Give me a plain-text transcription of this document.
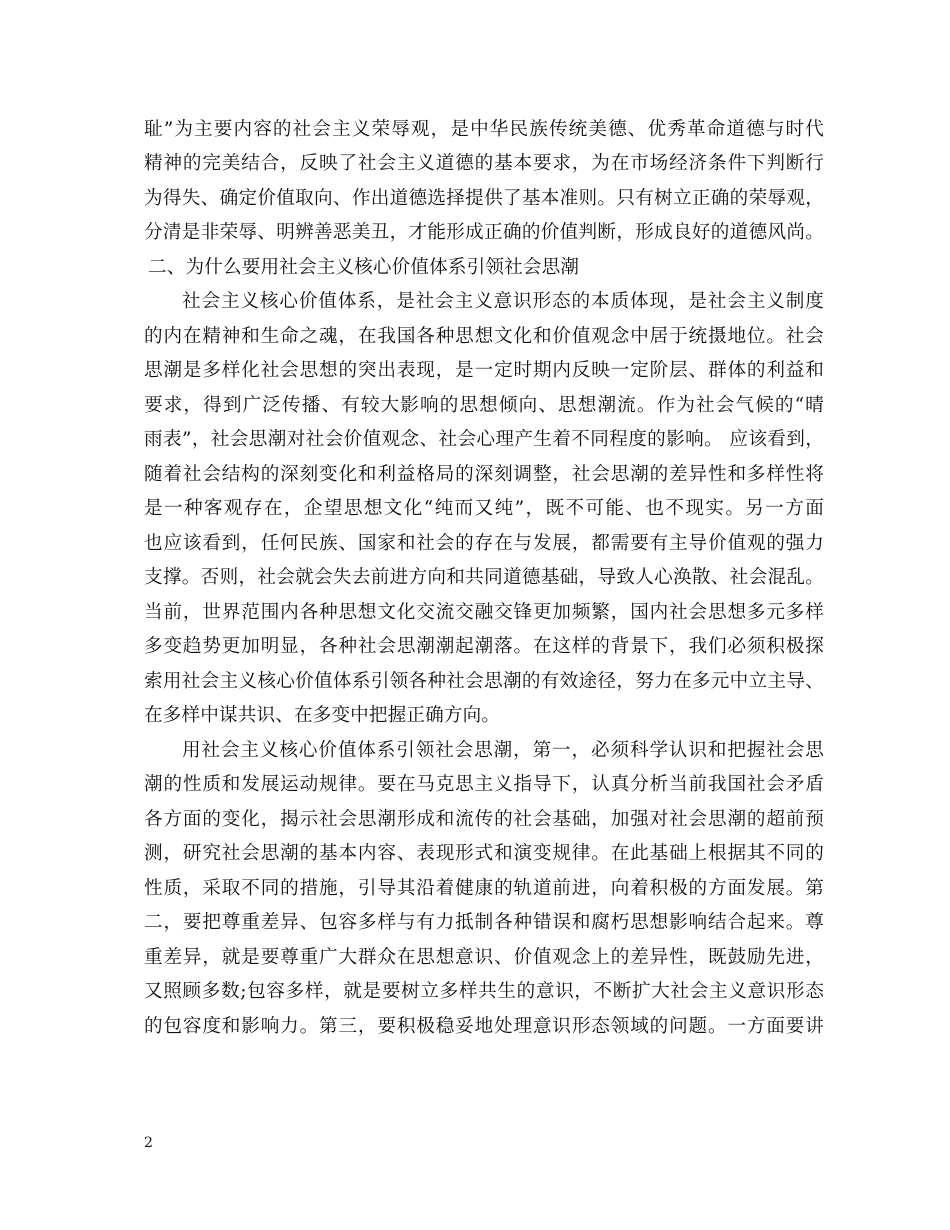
耻”为主要内容的社会主义荣辱观，是中华民族传统美德、优秀革命道德与时代
精神的完美结合，反映了社会主义道德的基本要求，为在市场经济条件下判断行
为得失、确定价值取向、作出道德选择提供了基本准则。只有树立正确的荣辱观，
分清是非荣辱、明辨善恶美丑，才能形成正确的价值判断，形成良好的道德风尚。
二、为什么要用社会主义核心价值体系引领社会思潮
社会主义核心价值体系，是社会主义意识形态的本质体现，是社会主义制度
的内在精神和生命之魂，在我国各种思想文化和价值观念中居于统摄地位。社会
思潮是多样化社会思想的突出表现，是一定时期内反映一定阶层、群体的利益和
要求，得到广泛传播、有较大影响的思想倾向、思想潮流。作为社会气候的“晴
雨表”，社会思潮对社会价值观念、社会心理产生着不同程度的影响。 应该看到，
随着社会结构的深刻变化和利益格局的深刻调整，社会思潮的差异性和多样性将
是一种客观存在，企望思想文化“纯而又纯”，既不可能、也不现实。另一方面
也应该看到，任何民族、国家和社会的存在与发展，都需要有主导价值观的强力
支撑。否则，社会就会失去前进方向和共同道德基础，导致人心涣散、社会混乱。
当前，世界范围内各种思想文化交流交融交锋更加频繁，国内社会思想多元多样
多变趋势更加明显，各种社会思潮潮起潮落。在这样的背景下，我们必须积极探
索用社会主义核心价值体系引领各种社会思潮的有效途径，努力在多元中立主导、
在多样中谋共识、在多变中把握正确方向。
用社会主义核心价值体系引领社会思潮，第一，必须科学认识和把握社会思
潮的性质和发展运动规律。要在马克思主义指导下，认真分析当前我国社会矛盾
各方面的变化，揭示社会思潮形成和流传的社会基础，加强对社会思潮的超前预
测，研究社会思潮的基本内容、表现形式和演变规律。在此基础上根据其不同的
性质，采取不同的措施，引导其沿着健康的轨道前进，向着积极的方面发展。第
二，要把尊重差异、包容多样与有力抵制各种错误和腐朽思想影响结合起来。尊
重差异，就是要尊重广大群众在思想意识、价值观念上的差异性，既鼓励先进，
又照顾多数;包容多样，就是要树立多样共生的意识，不断扩大社会主义意识形态
的包容度和影响力。第三，要积极稳妥地处理意识形态领域的问题。一方面要讲
2
